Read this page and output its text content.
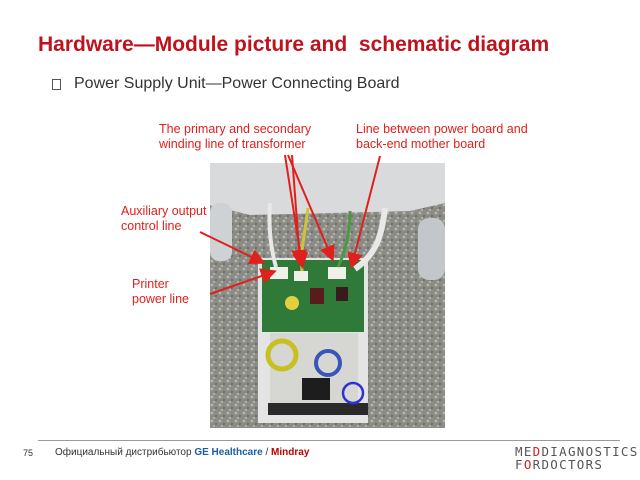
Hardware—Module picture and  schematic diagram
Power Supply Unit—Power Connecting Board
The primary and secondary
winding line of transformer
Line between power board and
back-end mother board
Auxiliary output
control line
Printer
power line
75 Официальный дистрибьютор GE Healthcare / Mindray	MEDDIAGNOSTICS
FORDOCTORS
